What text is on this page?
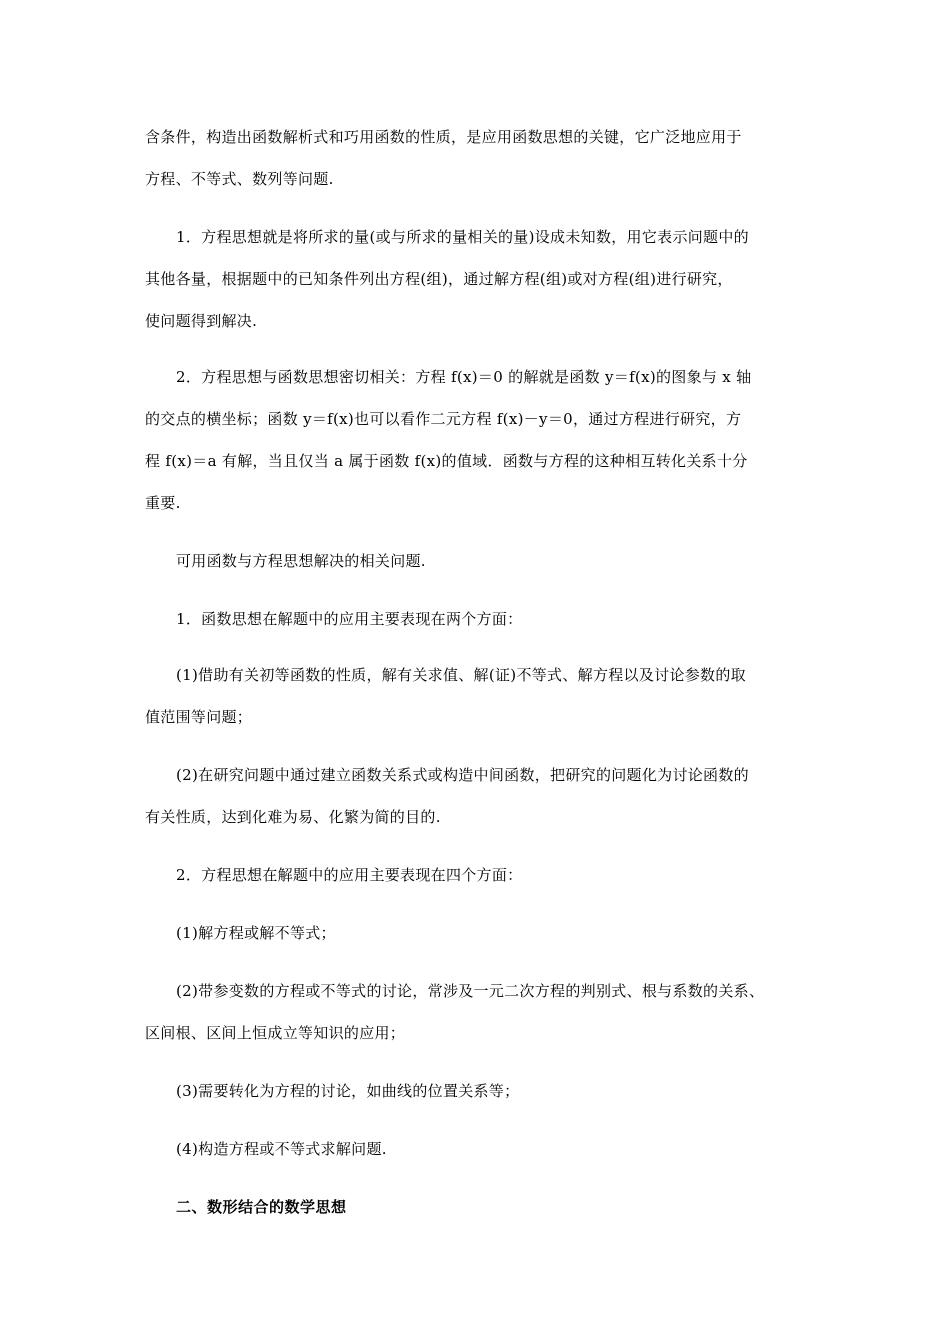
含条件，构造出函数解析式和巧用函数的性质，是应用函数思想的关键，它广泛地应用于
方程、不等式、数列等问题.
1．方程思想就是将所求的量(或与所求的量相关的量)设成未知数，用它表示问题中的
其他各量，根据题中的已知条件列出方程(组)，通过解方程(组)或对方程(组)进行研究，
使问题得到解决.
2．方程思想与函数思想密切相关：方程 f(x)＝0 的解就是函数 y＝f(x)的图象与 x 轴
的交点的横坐标；函数 y＝f(x)也可以看作二元方程 f(x)－y＝0，通过方程进行研究，方
程 f(x)＝a 有解，当且仅当 a 属于函数 f(x)的值域．函数与方程的这种相互转化关系十分
重要.
可用函数与方程思想解决的相关问题.
1．函数思想在解题中的应用主要表现在两个方面：
(1)借助有关初等函数的性质，解有关求值、解(证)不等式、解方程以及讨论参数的取
值范围等问题；
(2)在研究问题中通过建立函数关系式或构造中间函数，把研究的问题化为讨论函数的
有关性质，达到化难为易、化繁为简的目的.
2．方程思想在解题中的应用主要表现在四个方面：
(1)解方程或解不等式；
(2)带参变数的方程或不等式的讨论，常涉及一元二次方程的判别式、根与系数的关系、
区间根、区间上恒成立等知识的应用；
(3)需要转化为方程的讨论，如曲线的位置关系等；
(4)构造方程或不等式求解问题.
二、数形结合的数学思想
